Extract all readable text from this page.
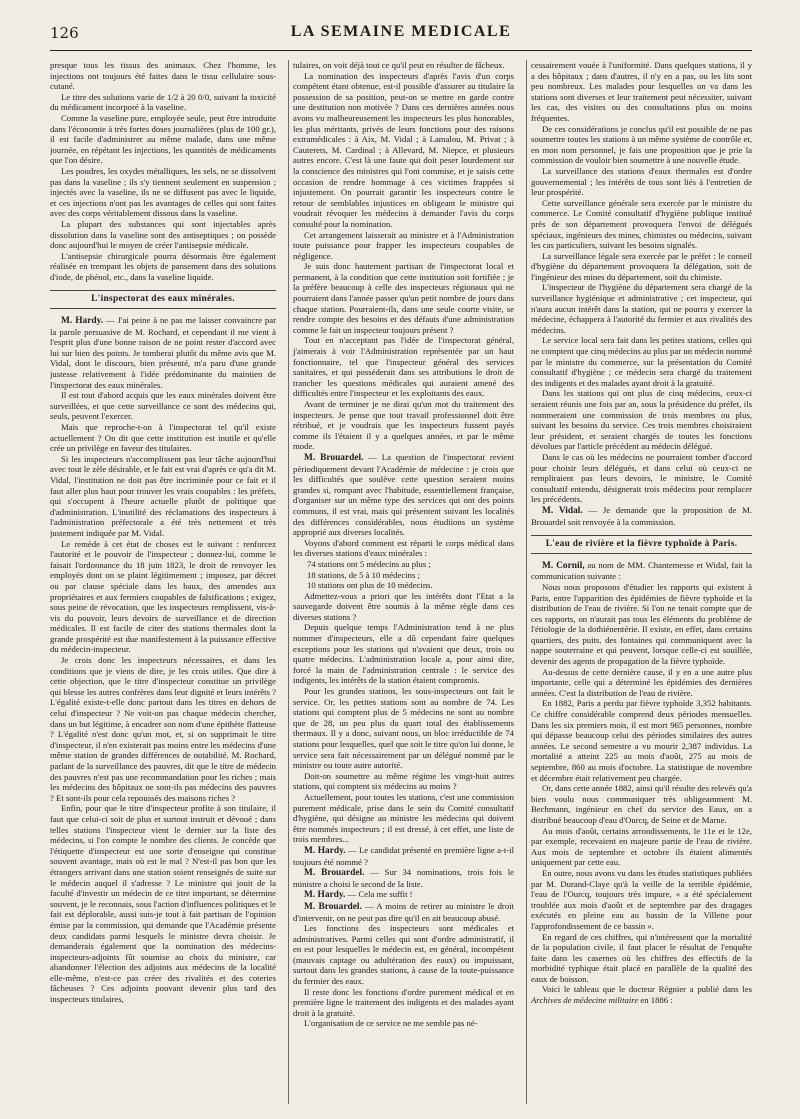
126	LA SEMAINE MEDICALE

presque tous les tissus des animaux. Chez l'homme, les injections ont toujours été faites dans le tissu cellulaire sous-cutané.

Le titre des solutions varie de 1/2 à 20 0/0, suivant la toxicité du médicament incorporé à la vaseline.

Comme la vaseline pure, employée seule, peut être introduite dans l'économie à très fortes doses journalières (plus de 100 gr.), il est facile d'administrer au même malade, dans une même journée, en répétant les injections, les quantités de médicaments que l'on désire.

Les poudres, les oxydes métalliques, les sels, ne se dissolvent pas dans la vaseline ; ils s'y tiennent seulement en suspension ; injectés avec la vaseline, ils ne se diffusent pas avec le liquide, et ces injections n'ont pas les avantages de celles qui sont faites avec des corps véritablement dissous dans la vaseline.

La plupart des substances qui sont injectables après dissolution dans la vaseline sont des antiseptiques ; on possède donc aujourd'hui le moyen de créer l'antisepsie médicale.

L'antisepsie chirurgicale pourra désormais être également réalisée en trempant les objets de pansement dans des solutions d'iode, de phénol, etc., dans la vaseline liquide.

L'inspectorat des eaux minérales.

M. Hardy. — J'ai peine à ne pas me laisser convaincre par la parole persuasive de M. Rochard, et cependant il me vient à l'esprit plus d'une bonne raison de ne point rester d'accord avec lui sur bien des points. Je tomberai plutôt du même avis que M. Vidal, dont le discours, bien présenté, m'a paru d'une grande justesse relativement à l'idée prédominante du maintien de l'inspectorat des eaux minérales.

Il est tout d'abord acquis que les eaux minérales doivent être surveillées, et que cette surveillance ce sont des médecins qui, seuls, peuvent l'exercer.

Mais que reproche-t-on à l'inspectorat tel qu'il existe actuellement ? On dit que cette institution est inutile et qu'elle crée un privilège en faveur des titulaires.

Si les inspecteurs n'accomplissent pas leur tâche aujourd'hui avec tout le zèle désirable, et le fait est vrai d'après ce qu'a dit M. Vidal, l'institution ne doit pas être incriminée pour ce fait et il faut aller plus haut pour trouver les vrais coupables : les préfets, qui s'occupent à l'heure actuelle plutôt de politique que d'administration. L'inutilité des réclamations des inspecteurs à l'administration préfectorale a été très nettement et très justement indiquée par M. Vidal.

Le remède à cet état de choses est le suivant : renforcez l'autorité et le pouvoir de l'inspecteur ; donnez-lui, comme le faisait l'ordonnance du 18 juin 1823, le droit de renvoyer les employés dont on se plaint légitimement ; imposez, par décret ou par clause spéciale dans les baux, des amendes aux propriétaires et aux fermiers coupables de falsifications ; exigez, sous peine de révocation, que les inspecteurs remplissent, vis-à-vis du pouvoir, leurs devoirs de surveillance et de direction médicales. Il est facile de citer des stations thermales dont la grande prospérité est due manifestement à la puissance effective du médecin-inspecteur.

Je crois donc les inspecteurs nécessaires, et dans les conditions que je viens de dire, je les crois utiles. Que dire à cette objection, que le titre d'inspecteur constitue un privilège qui blesse les autres confrères dans leur dignité et leurs intérêts ? L'égalité existe-t-elle donc partout dans les titres en dehors de celui d'inspecteur ? Ne voit-on pas chaque médecin chercher, dans un but légitime, à encadrer son nom d'une épithète flatteuse ? L'égalité n'est donc qu'un mot, et, si on supprimait le titre d'inspecteur, il n'en existerait pas moins entre les médecins d'une même station de grandes différences de notabilité. M. Rochard, parlant de la surveillance des pauvres, dit que le titre de médecin des pauvres n'est pas une recommandation pour les riches ; mais les médecins des hôpitaux ne sont-ils pas médecins des pauvres ? Et sont-ils pour cela repoussés des maisons riches ?

Enfin, pour que le titre d'inspecteur profite à son titulaire, il faut que celui-ci soit de plus et surtout instruit et dévoué ; dans telles stations l'inspecteur vient le dernier sur la liste des médecins, si l'on compte le nombre des clients. Je concède que l'étiquette d'inspecteur est une sorte d'enseigne qui constitue souvent avantage, mais où est le mal ? N'est-il pas bon que les étrangers arrivant dans une station soient renseignés de suite sur le médecin auquel il s'adresse ? Le ministre qui jouit de la faculté d'investir un médecin de ce titre important, se détermine souvent, je le reconnais, sous l'action d'influences politiques et le fait est déplorable, aussi suis-je tout à fait partisan de l'opinion émise par la commission, qui demande que l'Académie présente deux candidats parmi lesquels le ministre devra choisir. Je demanderais également que la nomination des médecins-inspecteurs-adjoints fût soumise au choix du ministre, car abandonner l'élection des adjoints aux médecins de la localité elle-même, n'est-ce pas créer des rivalités et des coteries fâcheuses ? Ces adjoints pouvant devenir plus tard des inspecteurs titulaires,

tulaires, on voit déjà tout ce qu'il peut en résulter de fâcheux.

La nomination des inspecteurs d'après l'avis d'un corps compétent étant obtenue, est-il possible d'assurer au titulaire la possession de sa position, peut-on se mettre en garde contre une destitution non motivée ? Dans ces dernières années nous avons vu malheureusement les inspecteurs les plus honorables, les plus méritants, privés de leurs fonctions pour des raisons extramédicales : à Aix, M. Vidal ; à Lamalou, M. Privat ; à Cauterets, M. Cardinal ; à Allevard, M. Niepce, et plusieurs autres encore. C'est là une faute qui doit peser lourdement sur la conscience des ministres qui l'ont commise, et je saisis cette occasion de rendre hommage à ces victimes frappées si injustement. On pourrait garantir les inspecteurs contre le retour de semblables injustices en obligeant le ministre qui voudrait révoquer les médecins à demander l'avis du corps consulté pour la nomination.

Cet arrangement laisserait au ministre et à l'Administration toute puissance pour frapper les inspecteurs coupables de négligence.

Je suis donc hautement partisan de l'inspectorat local et permanent, à la condition que cette institution soit fortifiée ; je la préfère beaucoup à celle des inspecteurs régionaux qui ne pourraient dans l'année passer qu'un petit nombre de jours dans chaque station. Pourraient-ils, dans une seule courte visite, se rendre compte des besoins et des défauts d'une administration comme le fait un inspecteur toujours présent ?

Tout en n'acceptant pas l'idée de l'inspectorat général, j'aimerais à voir l'Administration représentée par un haut fonctionnaire, tel que l'inspecteur général des services sanitaires, et qui posséderait dans ses attributions le droit de trancher les questions médicales qui auraient amené des difficultés entre l'inspecteur et les exploitants des eaux.

Avant de terminer je ne dirai qu'un mot du traitement des inspecteurs. Je pense que tout travail professionnel doit être rétribué, et je voudrais que les inspecteurs fussent payés comme ils l'étaient il y a quelques années, et par le même mode.

M. Brouardel. — La question de l'inspectorat revient périodiquement devant l'Académie de médecine : je crois que les difficultés que soulève cette question seraient moins grandes si, rompant avec l'habitude, essentiellement française, d'organiser sur un même type des services qui ont des points communs, il est vrai, mais qui présentent suivant les localités des différences considérables, nous étudiions un système approprié aux diverses localités.

Voyons d'abord comment est réparti le corps médical dans les diverses stations d'eaux minérales :

74 stations ont 5 médecins au plus ;

18 stations, de 5 à 10 médecins ;

10 stations ont plus de 10 médecins.

Admettez-vous a priori que les intérêts dont l'Etat a la sauvegarde doivent être soumis à la même règle dans ces diverses stations ?

Depuis quelque temps l'Administration tend à ne plus nommer d'inspecteurs, elle a dû cependant faire quelques exceptions pour les stations qui n'avaient que deux, trois ou quatre médecins. L'administration locale a, pour ainsi dire, forcé la main de l'administration centrale : le service des indigents, les intérêts de la station étaient compromis.

Pour les grandes stations, les sous-inspecteurs ont fait le service. Or, les petites stations sont au nombre de 74. Les stations qui comptent plus de 5 médecins ne sont au nombre que de 28, un peu plus du quart total des établissements thermaux. Il y a donc, suivant nous, un bloc irréductible de 74 stations pour lesquelles, quel que soit le titre qu'on lui donne, le service sera fait nécessairement par un délégué nommé par le ministre ou toute autre autorité.

Doit-on soumettre au même régime les vingt-huit autres stations, qui comptent six médecins au moins ?

Actuellement, pour toutes les stations, c'est une commission purement médicale, prise dans le sein du Comité consultatif d'hygiène, qui désigne au ministre les médecins qui doivent être nommés inspecteurs ; il est dressé, à cet effet, une liste de trois membres...

M. Hardy. — Le candidat présenté en première ligne a-t-il toujours été nommé ?

M. Brouardel. — Sur 34 nominations, trois fois le ministre a choisi le second de la liste.

M. Hardy. — Cela me suffit !

M. Brouardel. — A moins de retirer au ministre le droit d'intervenir, on ne peut pas dire qu'il en ait beaucoup abusé.

Les fonctions des inspecteurs sont médicales et administratives. Parmi celles qui sont d'ordre administratif, il en est pour lesquelles le médecin est, en général, incompétent (mauvais captage ou adultération des eaux) ou impuissant, surtout dans les grandes stations, à cause de la toute-puissance du fermier des eaux.

Il reste donc les fonctions d'ordre purement médical et en première ligne le traitement des indigents et des malades ayant droit à la gratuité.

L'organisation de ce service ne me semble pas né-

cessairement vouée à l'uniformité. Dans quelques stations, il y a des hôpitaux ; dans d'autres, il n'y en a pas, ou les lits sont peu nombreux. Les malades pour lesquelles on va dans les stations sont diverses et leur traitement peut nécessiter, suivant les cas, des visites ou des consultations plus ou moins fréquentes.

De ces considérations je conclus qu'il est possible de ne pas soumettre toutes les stations à un même système de contrôle et, en mon nom personnel, je fais une proposition que je prie la commission de vouloir bien soumettre à une nouvelle étude.

La surveillance des stations d'eaux thermales est d'ordre gouvernemental ; les intérêts de tous sont liés à l'entretien de leur prospérité.

Cette surveillance générale sera exercée par le ministre du commerce. Le Comité consultatif d'hygiène publique institué près de son département provoquera l'envoi de délégués spéciaux, ingénieurs des mines, chimistes ou médecins, suivant les cas particuliers, suivant les besoins signalés.

La surveillance légale sera exercée par le préfet : le conseil d'hygiène du département provoquera la délégation, soit de l'ingénieur des mines du département, soit du chimiste.

L'inspecteur de l'hygiène du département sera chargé de la surveillance hygiénique et administrative ; cet inspecteur, qui n'aura aucun intérêt dans la station, qui ne pourra y exercer la médecine, échappera à l'autorité du fermier et aux rivalités des médecins.

Le service local sera fait dans les petites stations, celles qui ne comptent que cinq médecins au plus par un médecin nommé par le ministre du commerce, sur la présentation du Comité consultatif d'hygiène ; ce médecin sera chargé du traitement des indigents et des malades ayant droit à la gratuité.

Dans les stations qui ont plus de cinq médecins, ceux-ci seraient réunis une fois par an, sous la présidence du préfet, ils nommeraient une commission de trois membres ou plus, suivant les besoins du service. Ces trois membres choisiraient leur président, et seraient chargés de toutes les fonctions dévolues par l'article précédent au médecin délégué.

Dans le cas où les médecins ne pourraient tomber d'accord pour choisir leurs délégués, et dans celui où ceux-ci ne rempliraient pas leurs devoirs, le ministre, le Comité consultatif entendu, désignerait trois médecins pour remplacer les précédents.

M. Vidal. — Je demande que la proposition de M. Brouardel soit renvoyée à la commission.

L'eau de rivière et la fièvre typhoïde à Paris.

M. Cornil, au nom de MM. Chantemesse et Widal, fait la communication suivante :

Nous nous proposons d'étudier les rapports qui existent à Paris, entre l'apparition des épidémies de fièvre typhoïde et la distribution de l'eau de rivière. Si l'on ne tenait compte que de ces rapports, on n'aurait pas tous les éléments du problème de l'étiologie de la dothiénentérie. Il existe, en effet, dans certains quartiers, des puits, des fontaines qui communiquent avec la nappe souterraine et qui peuvent, lorsque celle-ci est souillée, devenir des agents de propagation de la fièvre typhoïde.

Au-dessus de cette dernière cause, il y en a une autre plus importante, celle qui a déterminé les épidémies des dernières années. C'est la distribution de l'eau de rivière.

En 1882, Paris a perdu par fièvre typhoïde 3,352 habitants. Ce chiffre considérable comprend deux périodes mensuelles. Dans les six premiers mois, il est mort 965 personnes, nombre qui dépasse beaucoup celui des périodes similaires des autres années. Le second semestre a vu mourir 2,387 individus. La mortalité a atteint 225 au mois d'août, 275 au mois de septembre, 860 au mois d'octobre. La statistique de novembre et décembre était relativement peu chargée.

Or, dans cette année 1882, ainsi qu'il résulte des relevés qu'a bien voulu nous communiquer très obligeamment M. Bechmann, ingénieur en chef du service des Eaux, on a distribué beaucoup d'eau d'Ourcq, de Seine et de Marne.

Au mois d'août, certains arrondissements, le 11e et le 12e, par exemple, recevaient en majeure partie de l'eau de rivière. Aux mois de septembre et octobre ils étaient alimentés uniquement par cette eau.

En outre, nous avons vu dans les études statistiques publiées par M. Durand-Claye qu'à la veille de la terrible épidémie, l'eau de l'Ourcq, toujours très impure, « a été spécialement troublée aux mois d'août et de septembre par des dragages exécutés en pleine eau au bassin de la Villette pour l'approfondissement de ce bassin ».

En regard de ces chiffres, qui n'intéressent que la mortalité de la population civile, il faut placer le résultat de l'enquête faite dans les casernes où les chiffres des effectifs de la morbidité typhique était placé en parallèle de la qualité des eaux de boisson.

Voici le tableau que le docteur Régnier a publié dans les Archives de médecine militaire en 1886 :
